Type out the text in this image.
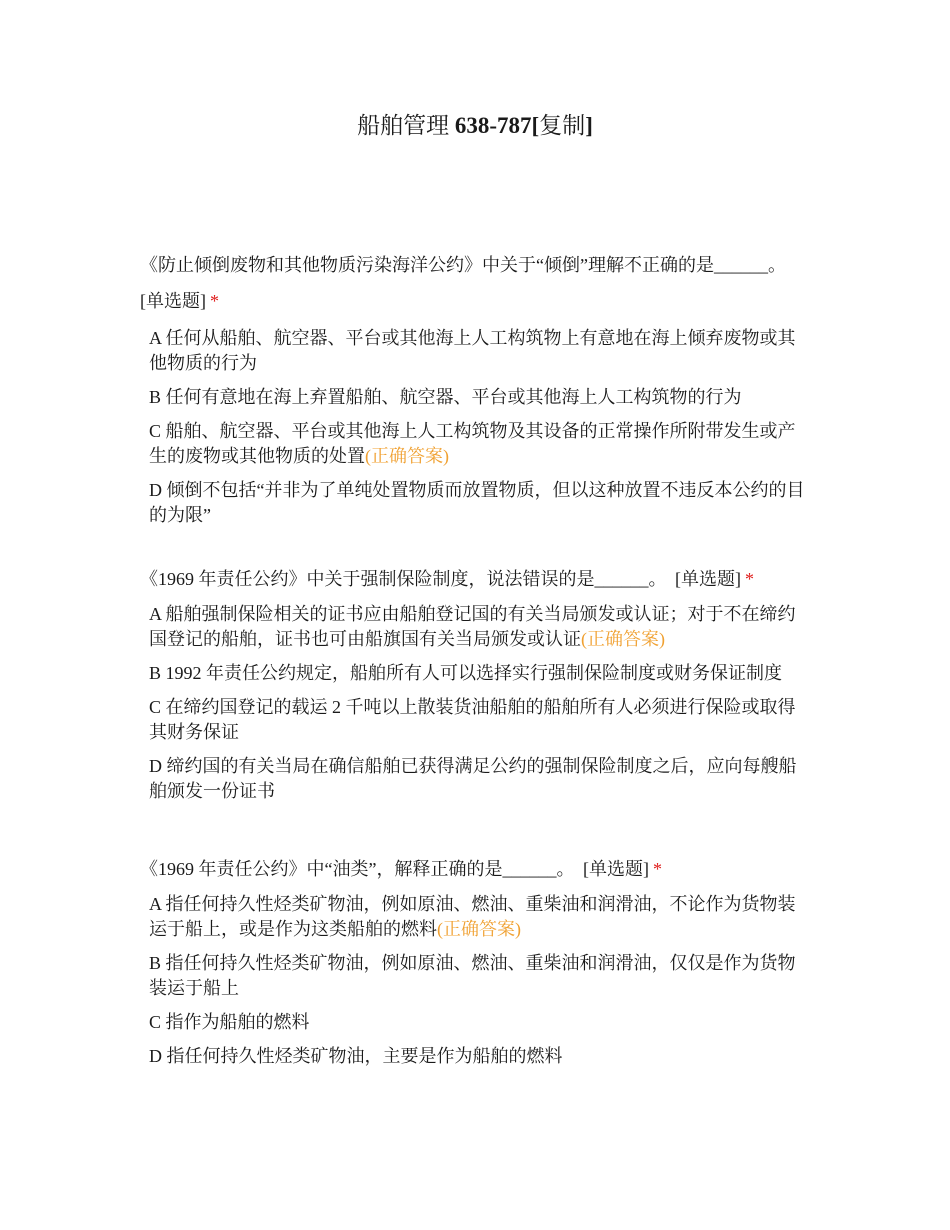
船舶管理 638-787[复制]

《防止倾倒废物和其他物质污染海洋公约》中关于“倾倒”理解不正确的是______。

[单选题] *
A 任何从船舶、航空器、平台或其他海上人工构筑物上有意地在海上倾弃废物或其他物质的行为
B 任何有意地在海上弃置船舶、航空器、平台或其他海上人工构筑物的行为
C 船舶、航空器、平台或其他海上人工构筑物及其设备的正常操作所附带发生或产生的废物或其他物质的处置(正确答案)
D 倾倒不包括“并非为了单纯处置物质而放置物质，但以这种放置不违反本公约的目的为限”

《1969 年责任公约》中关于强制保险制度，说法错误的是______。 [单选题] *

A 船舶强制保险相关的证书应由船舶登记国的有关当局颁发或认证；对于不在缔约国登记的船舶，证书也可由船旗国有关当局颁发或认证(正确答案)
B 1992 年责任公约规定，船舶所有人可以选择实行强制保险制度或财务保证制度
C 在缔约国登记的载运 2 千吨以上散装货油船舶的船舶所有人必须进行保险或取得其财务保证
D 缔约国的有关当局在确信船舶已获得满足公约的强制保险制度之后，应向每艘船舶颁发一份证书

《1969 年责任公约》中“油类”，解释正确的是______。 [单选题] *

A 指任何持久性烃类矿物油，例如原油、燃油、重柴油和润滑油，不论作为货物装运于船上，或是作为这类船舶的燃料(正确答案)
B 指任何持久性烃类矿物油，例如原油、燃油、重柴油和润滑油，仅仅是作为货物装运于船上
C 指作为船舶的燃料
D 指任何持久性烃类矿物油，主要是作为船舶的燃料
